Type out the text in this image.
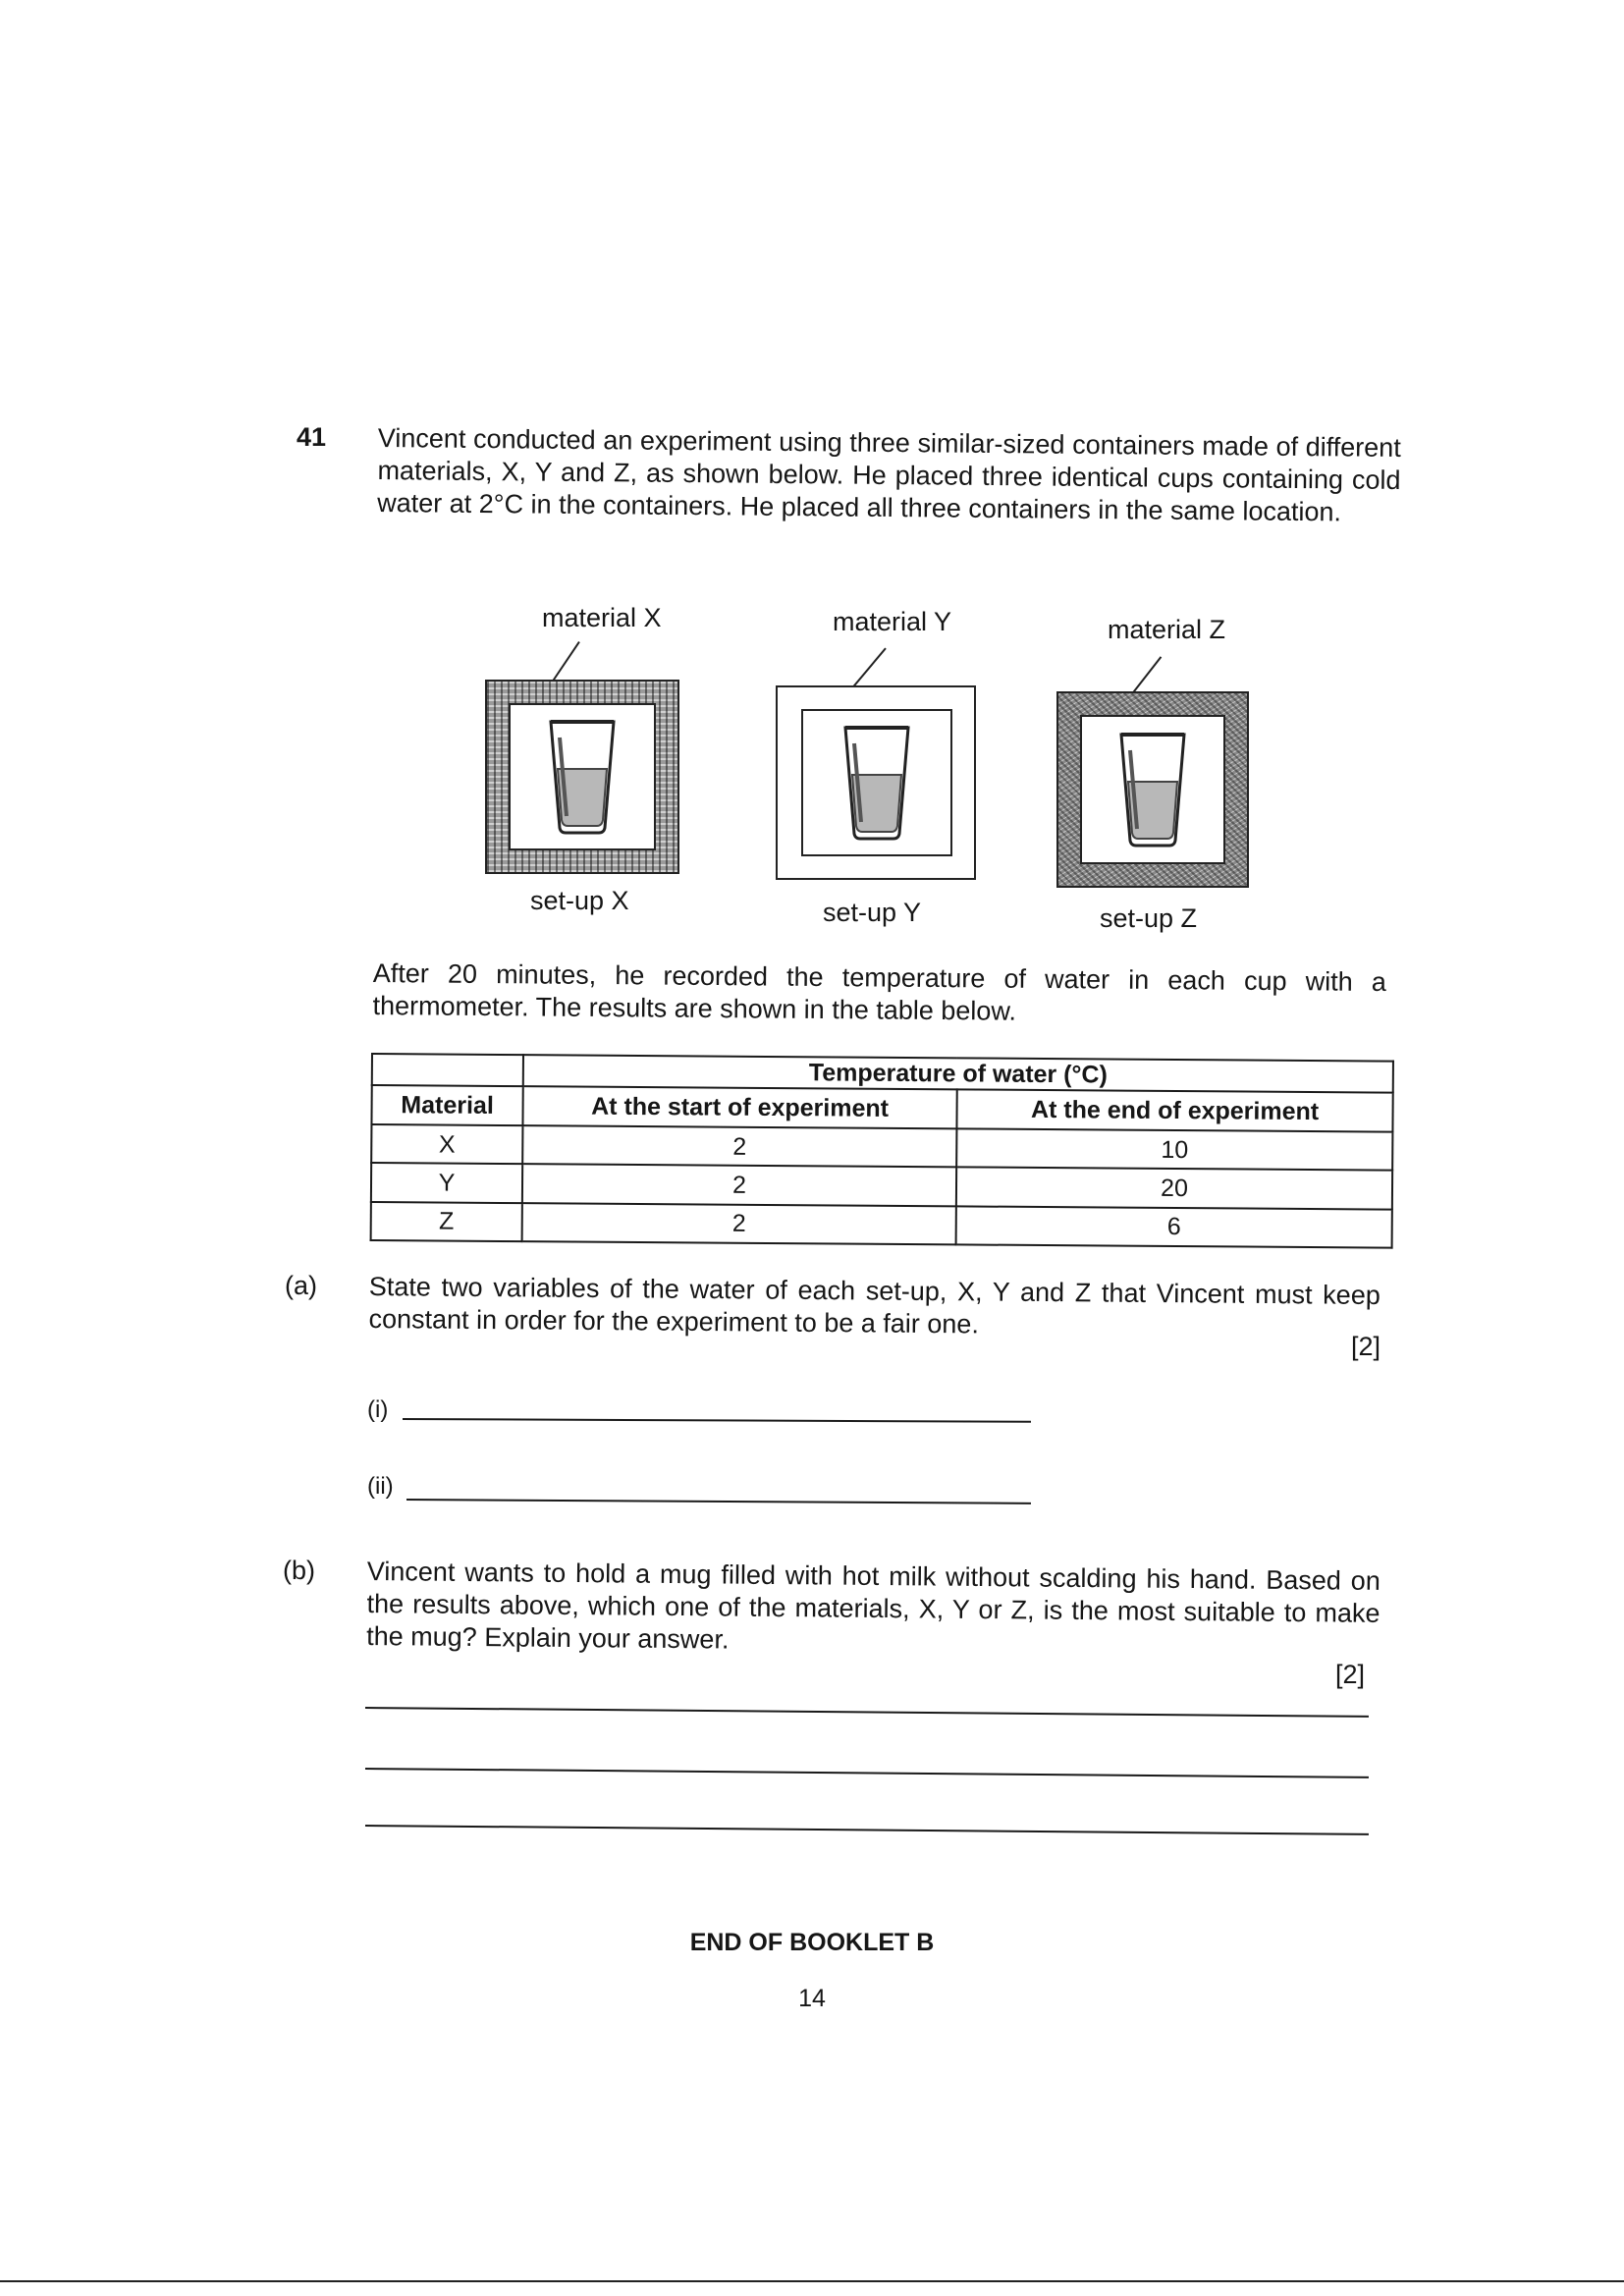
41 Vincent conducted an experiment using three similar-sized containers made of different materials, X, Y and Z, as shown below. He placed three identical cups containing cold water at 2°C in the containers. He placed all three containers in the same location.

material X
set-up X
material Y
set-up Y
material Z
set-up Z

After 20 minutes, he recorded the temperature of water in each cup with a thermometer. The results are shown in the table below.

	Temperature of water (°C)	
Material	At the start of experiment	At the end of experiment
X	2	10
Y	2	20
Z	2	6
(a) State two variables of the water of each set-up, X, Y and Z that Vincent must keep constant in order for the experiment to be a fair one.

[2]
(i)
(ii)
(b) Vincent wants to hold a mug filled with hot milk without scalding his hand. Based on the results above, which one of the materials, X, Y or Z, is the most suitable to make the mug? Explain your answer.

[2]
END OF BOOKLET B
14
